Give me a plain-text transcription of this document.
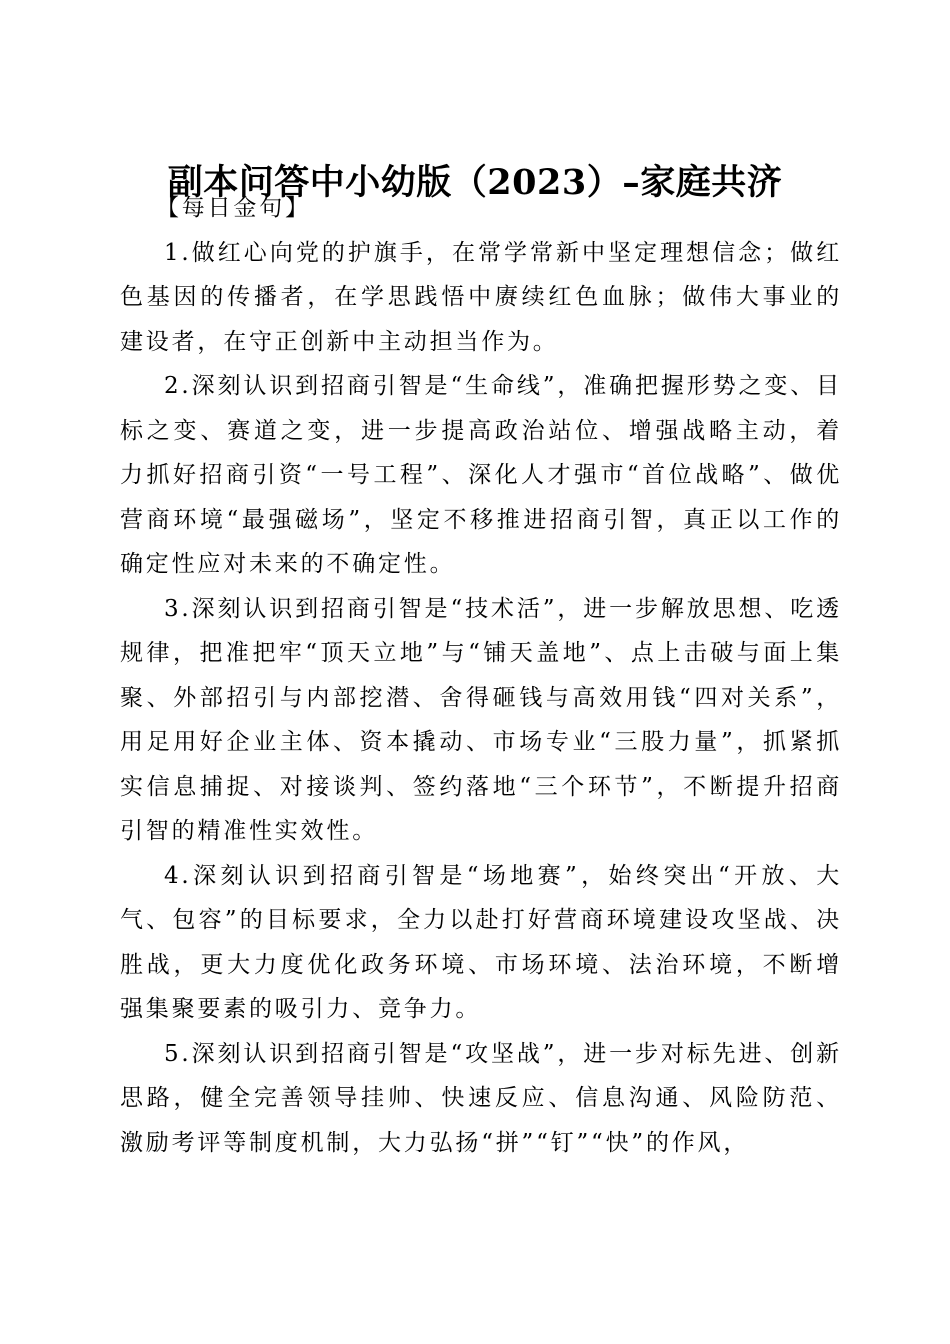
副本问答中小幼版（2023）–家庭共济

【每日金句】

1.做红心向党的护旗手，在常学常新中坚定理想信念；做红色基因的传播者，在学思践悟中赓续红色血脉；做伟大事业的建设者，在守正创新中主动担当作为。

2.深刻认识到招商引智是“生命线”，准确把握形势之变、目标之变、赛道之变，进一步提高政治站位、增强战略主动，着力抓好招商引资“一号工程”、深化人才强市“首位战略”、做优营商环境“最强磁场”，坚定不移推进招商引智，真正以工作的确定性应对未来的不确定性。

3.深刻认识到招商引智是“技术活”，进一步解放思想、吃透规律，把准把牢“顶天立地”与“铺天盖地”、点上击破与面上集聚、外部招引与内部挖潜、舍得砸钱与高效用钱“四对关系”，用足用好企业主体、资本撬动、市场专业“三股力量”，抓紧抓实信息捕捉、对接谈判、签约落地“三个环节”，不断提升招商引智的精准性实效性。

4.深刻认识到招商引智是“场地赛”，始终突出“开放、大气、包容”的目标要求，全力以赴打好营商环境建设攻坚战、决胜战，更大力度优化政务环境、市场环境、法治环境，不断增强集聚要素的吸引力、竞争力。

5.深刻认识到招商引智是“攻坚战”，进一步对标先进、创新思路，健全完善领导挂帅、快速反应、信息沟通、风险防范、激励考评等制度机制，大力弘扬“拼”“钉”“快”的作风，
